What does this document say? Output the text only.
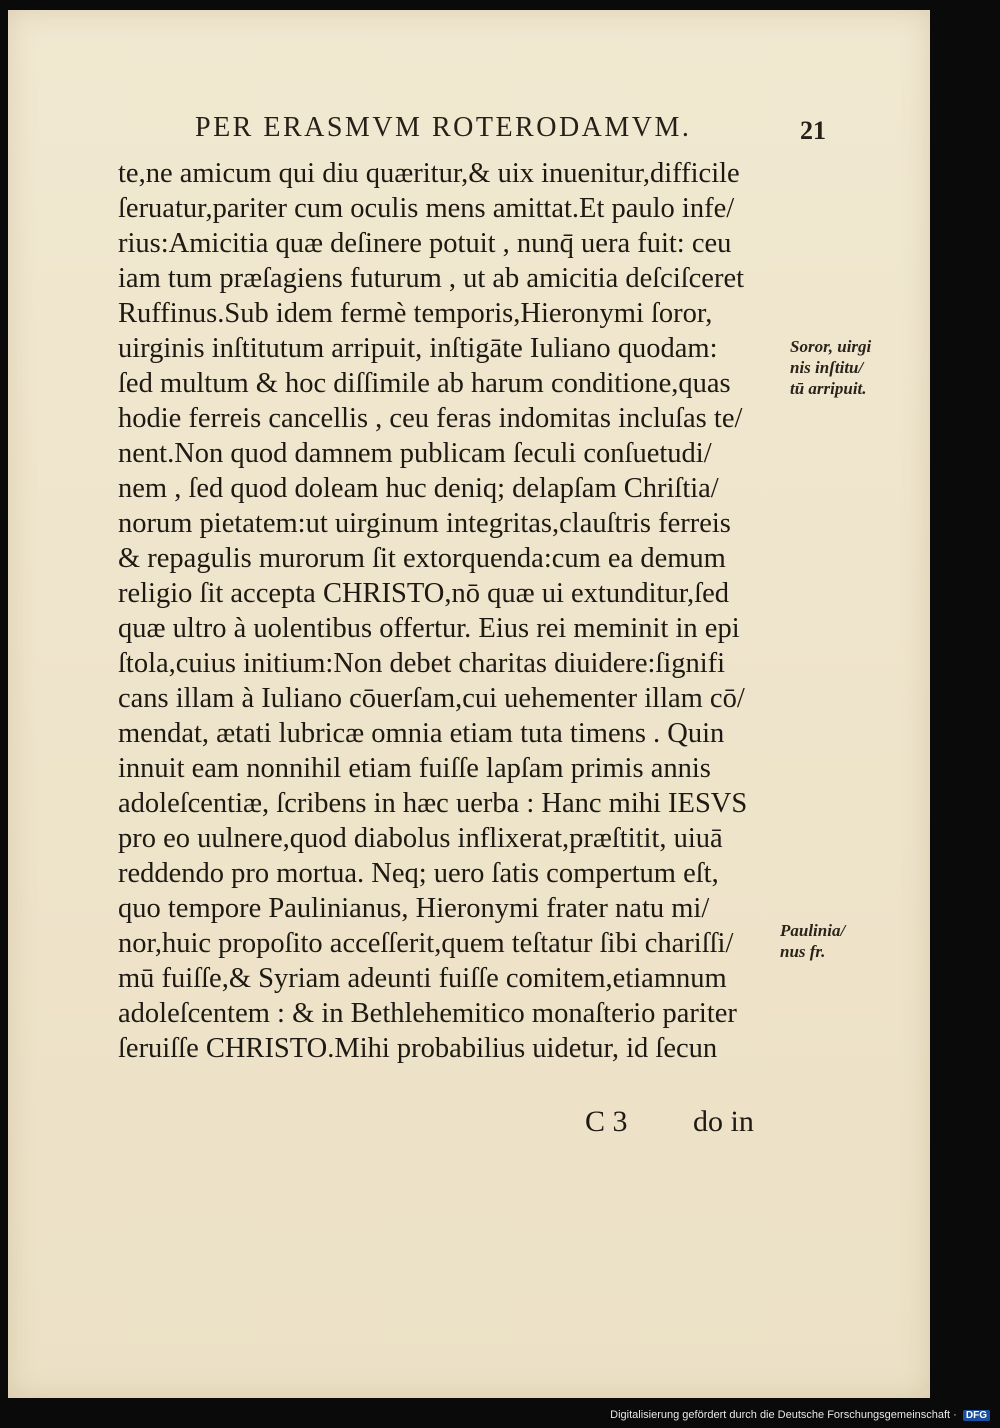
PER ERASMVM ROTERODAMVM.	21
te,ne amicum qui diu quæritur,& uix inuenitur,difficile
ſeruatur,pariter cum oculis mens amittat.Et paulo infe/
rius:Amicitia quæ deſinere potuit , nunq̄ uera fuit: ceu
iam tum præſagiens futurum , ut ab amicitia deſciſceret
Ruffinus.Sub idem fermè temporis,Hieronymi ſoror,
uirginis inſtitutum arripuit, inſtigāte Iuliano quodam:
ſed multum & hoc diſſimile ab harum conditione,quas
hodie ferreis cancellis , ceu feras indomitas incluſas te/
nent.Non quod damnem publicam ſeculi conſuetudi/
nem , ſed quod doleam huc deniq; delapſam Chriſtia/
norum pietatem:ut uirginum integritas,clauſtris ferreis
& repagulis murorum ſit extorquenda:cum ea demum
religio ſit accepta CHRISTO,nō quæ ui extunditur,ſed
quæ ultro à uolentibus offertur. Eius rei meminit in epi
ſtola,cuius initium:Non debet charitas diuidere:ſignifi
cans illam à Iuliano cōuerſam,cui uehementer illam cō/
mendat, ætati lubricæ omnia etiam tuta timens . Quin
innuit eam nonnihil etiam fuiſſe lapſam primis annis
adoleſcentiæ, ſcribens in hæc uerba : Hanc mihi IESVS
pro eo uulnere,quod diabolus inflixerat,præſtitit, uiuā
reddendo pro mortua. Neq; uero ſatis compertum eſt,
quo tempore Paulinianus, Hieronymi frater natu mi/
nor,huic propoſito acceſſerit,quem teſtatur ſibi chariſſi/
mū fuiſſe,& Syriam adeunti fuiſſe comitem,etiamnum
adoleſcentem : & in Bethlehemitico monaſterio pariter
ſeruiſſe CHRISTO.Mihi probabilius uidetur, id ſecun
Soror, uirgi
nis inſtitu/
tū arripuit.
Paulinia/
nus fr.
C 3 do in
Digitalisierung gefördert durch die Deutsche Forschungsgemeinschaft · DFG
